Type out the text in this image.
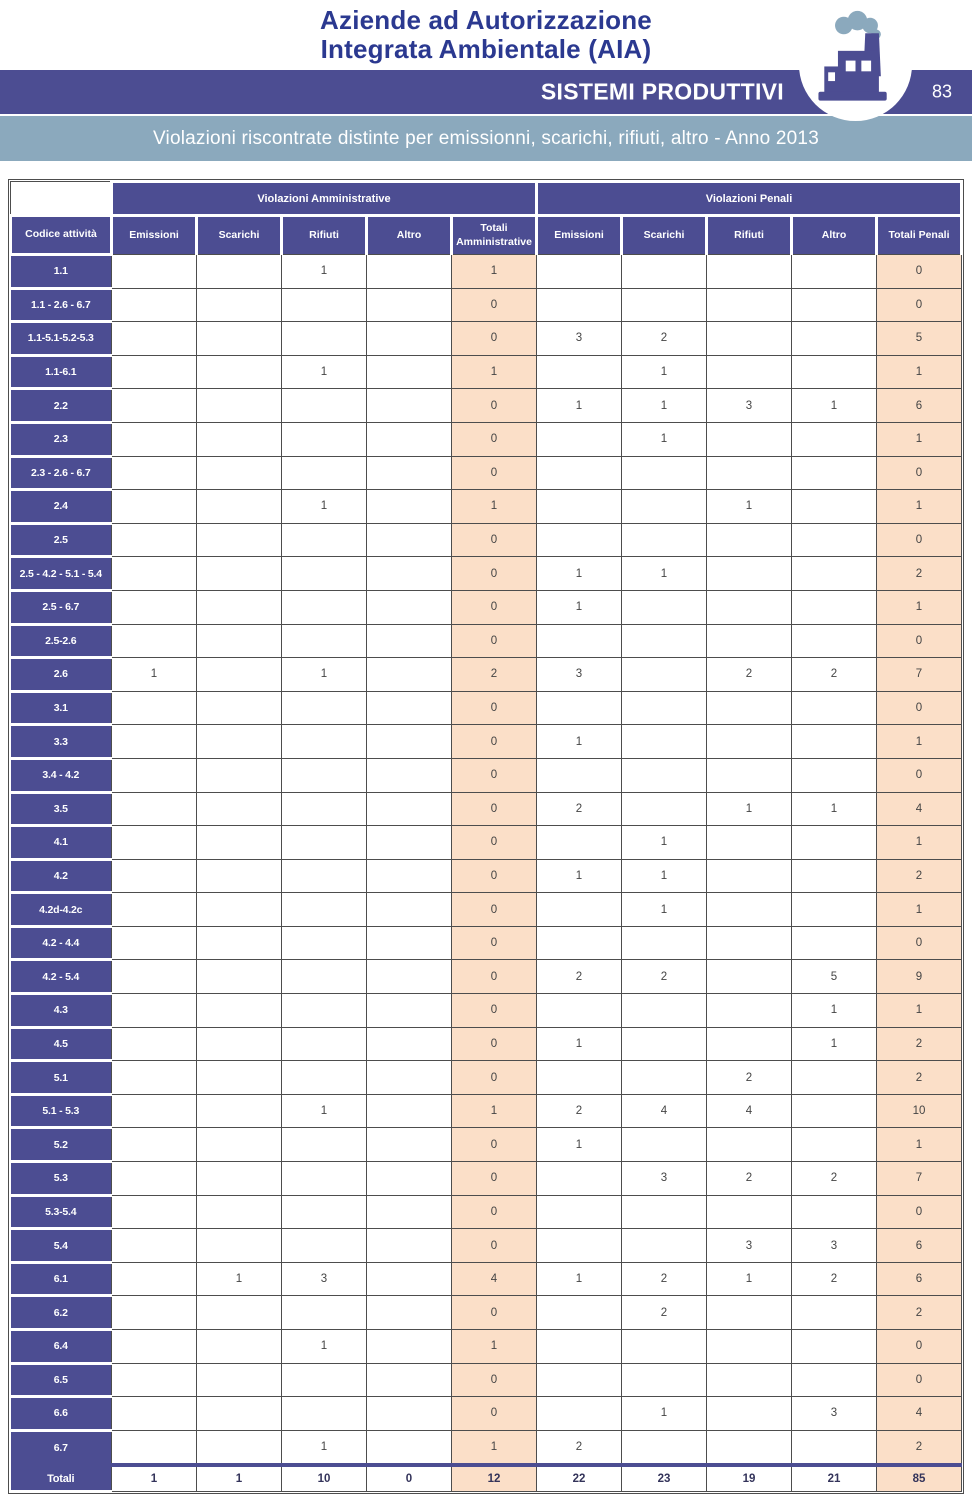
Aziende ad Autorizzazione
Integrata Ambientale (AIA)
SISTEMI PRODUTTIVI	83
Violazioni riscontrate distinte per emissionni, scarichi, rifiuti, altro - Anno 2013
	Violazioni Amministrative					Violazioni Penali				
Codice attività	Emissioni	Scarichi	Rifiuti	Altro	Totali Amministrative	Emissioni	Scarichi	Rifiuti	Altro	Totali Penali
1.1			1		1					0
1.1 - 2.6 - 6.7					0					0
1.1-5.1-5.2-5.3					0	3	2			5
1.1-6.1			1		1		1			1
2.2					0	1	1	3	1	6
2.3					0		1			1
2.3 - 2.6 - 6.7					0					0
2.4			1		1			1		1
2.5					0					0
2.5 - 4.2 - 5.1 - 5.4					0	1	1			2
2.5 - 6.7					0	1				1
2.5-2.6					0					0
2.6	1		1		2	3		2	2	7
3.1					0					0
3.3					0	1				1
3.4 - 4.2					0					0
3.5					0	2		1	1	4
4.1					0		1			1
4.2					0	1	1			2
4.2d-4.2c					0		1			1
4.2 - 4.4					0					0
4.2 - 5.4					0	2	2		5	9
4.3					0				1	1
4.5					0	1			1	2
5.1					0			2		2
5.1 - 5.3			1		1	2	4	4		10
5.2					0	1				1
5.3					0		3	2	2	7
5.3-5.4					0					0
5.4					0			3	3	6
6.1		1	3		4	1	2	1	2	6
6.2					0		2			2
6.4			1		1					0
6.5					0					0
6.6					0		1		3	4
6.7			1		1	2				2
Totali	1	1	10	0	12	22	23	19	21	85
